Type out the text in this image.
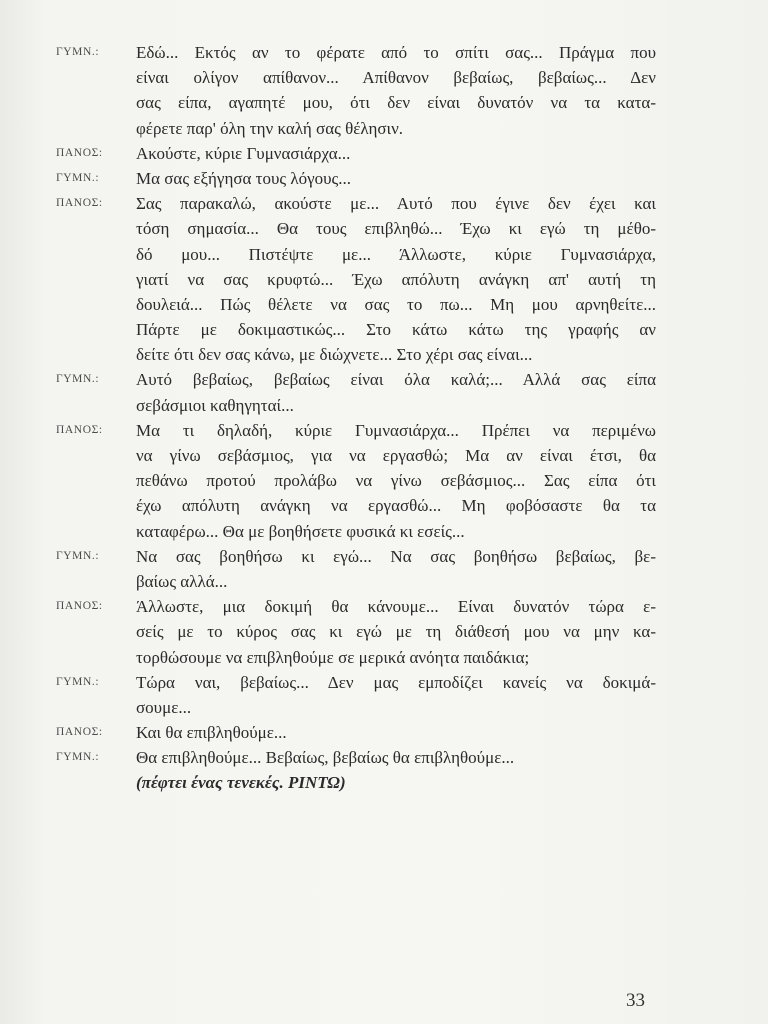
ΓΥΜΝ.:	Εδώ... Εκτός αν το φέρατε από το σπίτι σας... Πράγμα που
είναι ολίγον απίθανον... Απίθανον βεβαίως, βεβαίως... Δεν
σας είπα, αγαπητέ μου, ότι δεν είναι δυνατόν να τα κατα-
φέρετε παρ' όλη την καλή σας θέλησιν.
ΠΑΝΟΣ:	Ακούστε, κύριε Γυμνασιάρχα...
ΓΥΜΝ.:	Μα σας εξήγησα τους λόγους...
ΠΑΝΟΣ:	Σας παρακαλώ, ακούστε με... Αυτό που έγινε δεν έχει και
τόση σημασία... Θα τους επιβληθώ... Έχω κι εγώ τη μέθο-
δό μου... Πιστέψτε με... Άλλωστε, κύριε Γυμνασιάρχα,
γιατί να σας κρυφτώ... Έχω απόλυτη ανάγκη απ' αυτή τη
δουλειά... Πώς θέλετε να σας το πω... Μη μου αρνηθείτε...
Πάρτε με δοκιμαστικώς... Στο κάτω κάτω της γραφής αν
δείτε ότι δεν σας κάνω, με διώχνετε... Στο χέρι σας είναι...
ΓΥΜΝ.:	Αυτό βεβαίως, βεβαίως είναι όλα καλά;... Αλλά σας είπα
σεβάσμιοι καθηγηταί...
ΠΑΝΟΣ:	Μα τι δηλαδή, κύριε Γυμνασιάρχα... Πρέπει να περιμένω
να γίνω σεβάσμιος, για να εργασθώ; Μα αν είναι έτσι, θα
πεθάνω προτού προλάβω να γίνω σεβάσμιος... Σας είπα ότι
έχω απόλυτη ανάγκη να εργασθώ... Μη φοβόσαστε θα τα
καταφέρω... Θα με βοηθήσετε φυσικά κι εσείς...
ΓΥΜΝ.:	Να σας βοηθήσω κι εγώ... Να σας βοηθήσω βεβαίως, βε-
βαίως αλλά...
ΠΑΝΟΣ:	Άλλωστε, μια δοκιμή θα κάνουμε... Είναι δυνατόν τώρα ε-
σείς με το κύρος σας κι εγώ με τη διάθεσή μου να μην κα-
τορθώσουμε να επιβληθούμε σε μερικά ανόητα παιδάκια;
ΓΥΜΝ.:	Τώρα ναι, βεβαίως... Δεν μας εμποδίζει κανείς να δοκιμά-
σουμε...
ΠΑΝΟΣ:	Και θα επιβληθούμε...
ΓΥΜΝ.:	Θα επιβληθούμε... Βεβαίως, βεβαίως θα επιβληθούμε...
(πέφτει ένας τενεκές. ΡΙΝΤΩ)
33
